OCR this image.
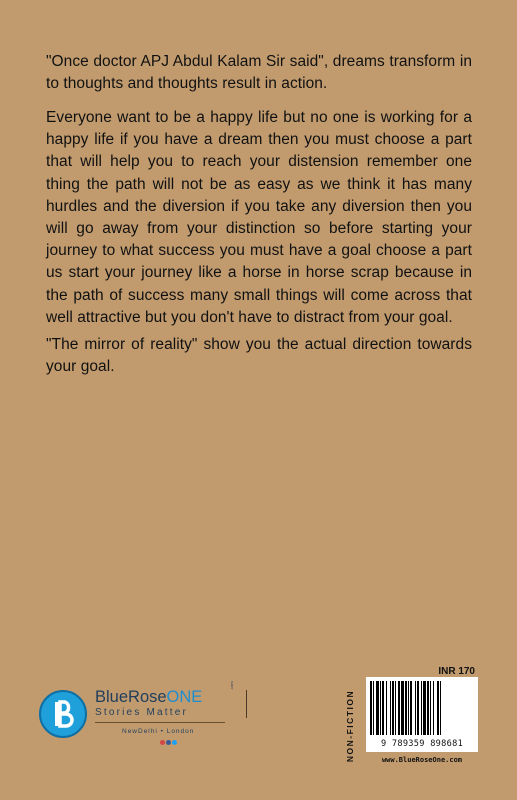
"Once doctor APJ Abdul Kalam Sir said", dreams transform in to thoughts and thoughts result in action.

Everyone want to be a happy life but no one is working for a happy life if you have a dream then you must choose a part that will help you to reach your distension remember one thing the path will not be as easy as we think it has many hurdles and the diversion if you take any diversion then you will go away from your distinction so before starting your journey to what success you must have a goal choose a part us start your journey like a horse in horse scrap because in the path of success many small things will come across that well attractive but you don't have to distract from your goal.

"The mirror of reality" show you the actual direction towards your goal.

BlueRoseONE
.com
Stories Matter
NewDelhi • London
INR 170
NON-FICTION	9 789359 898681
www.BlueRoseOne.com
